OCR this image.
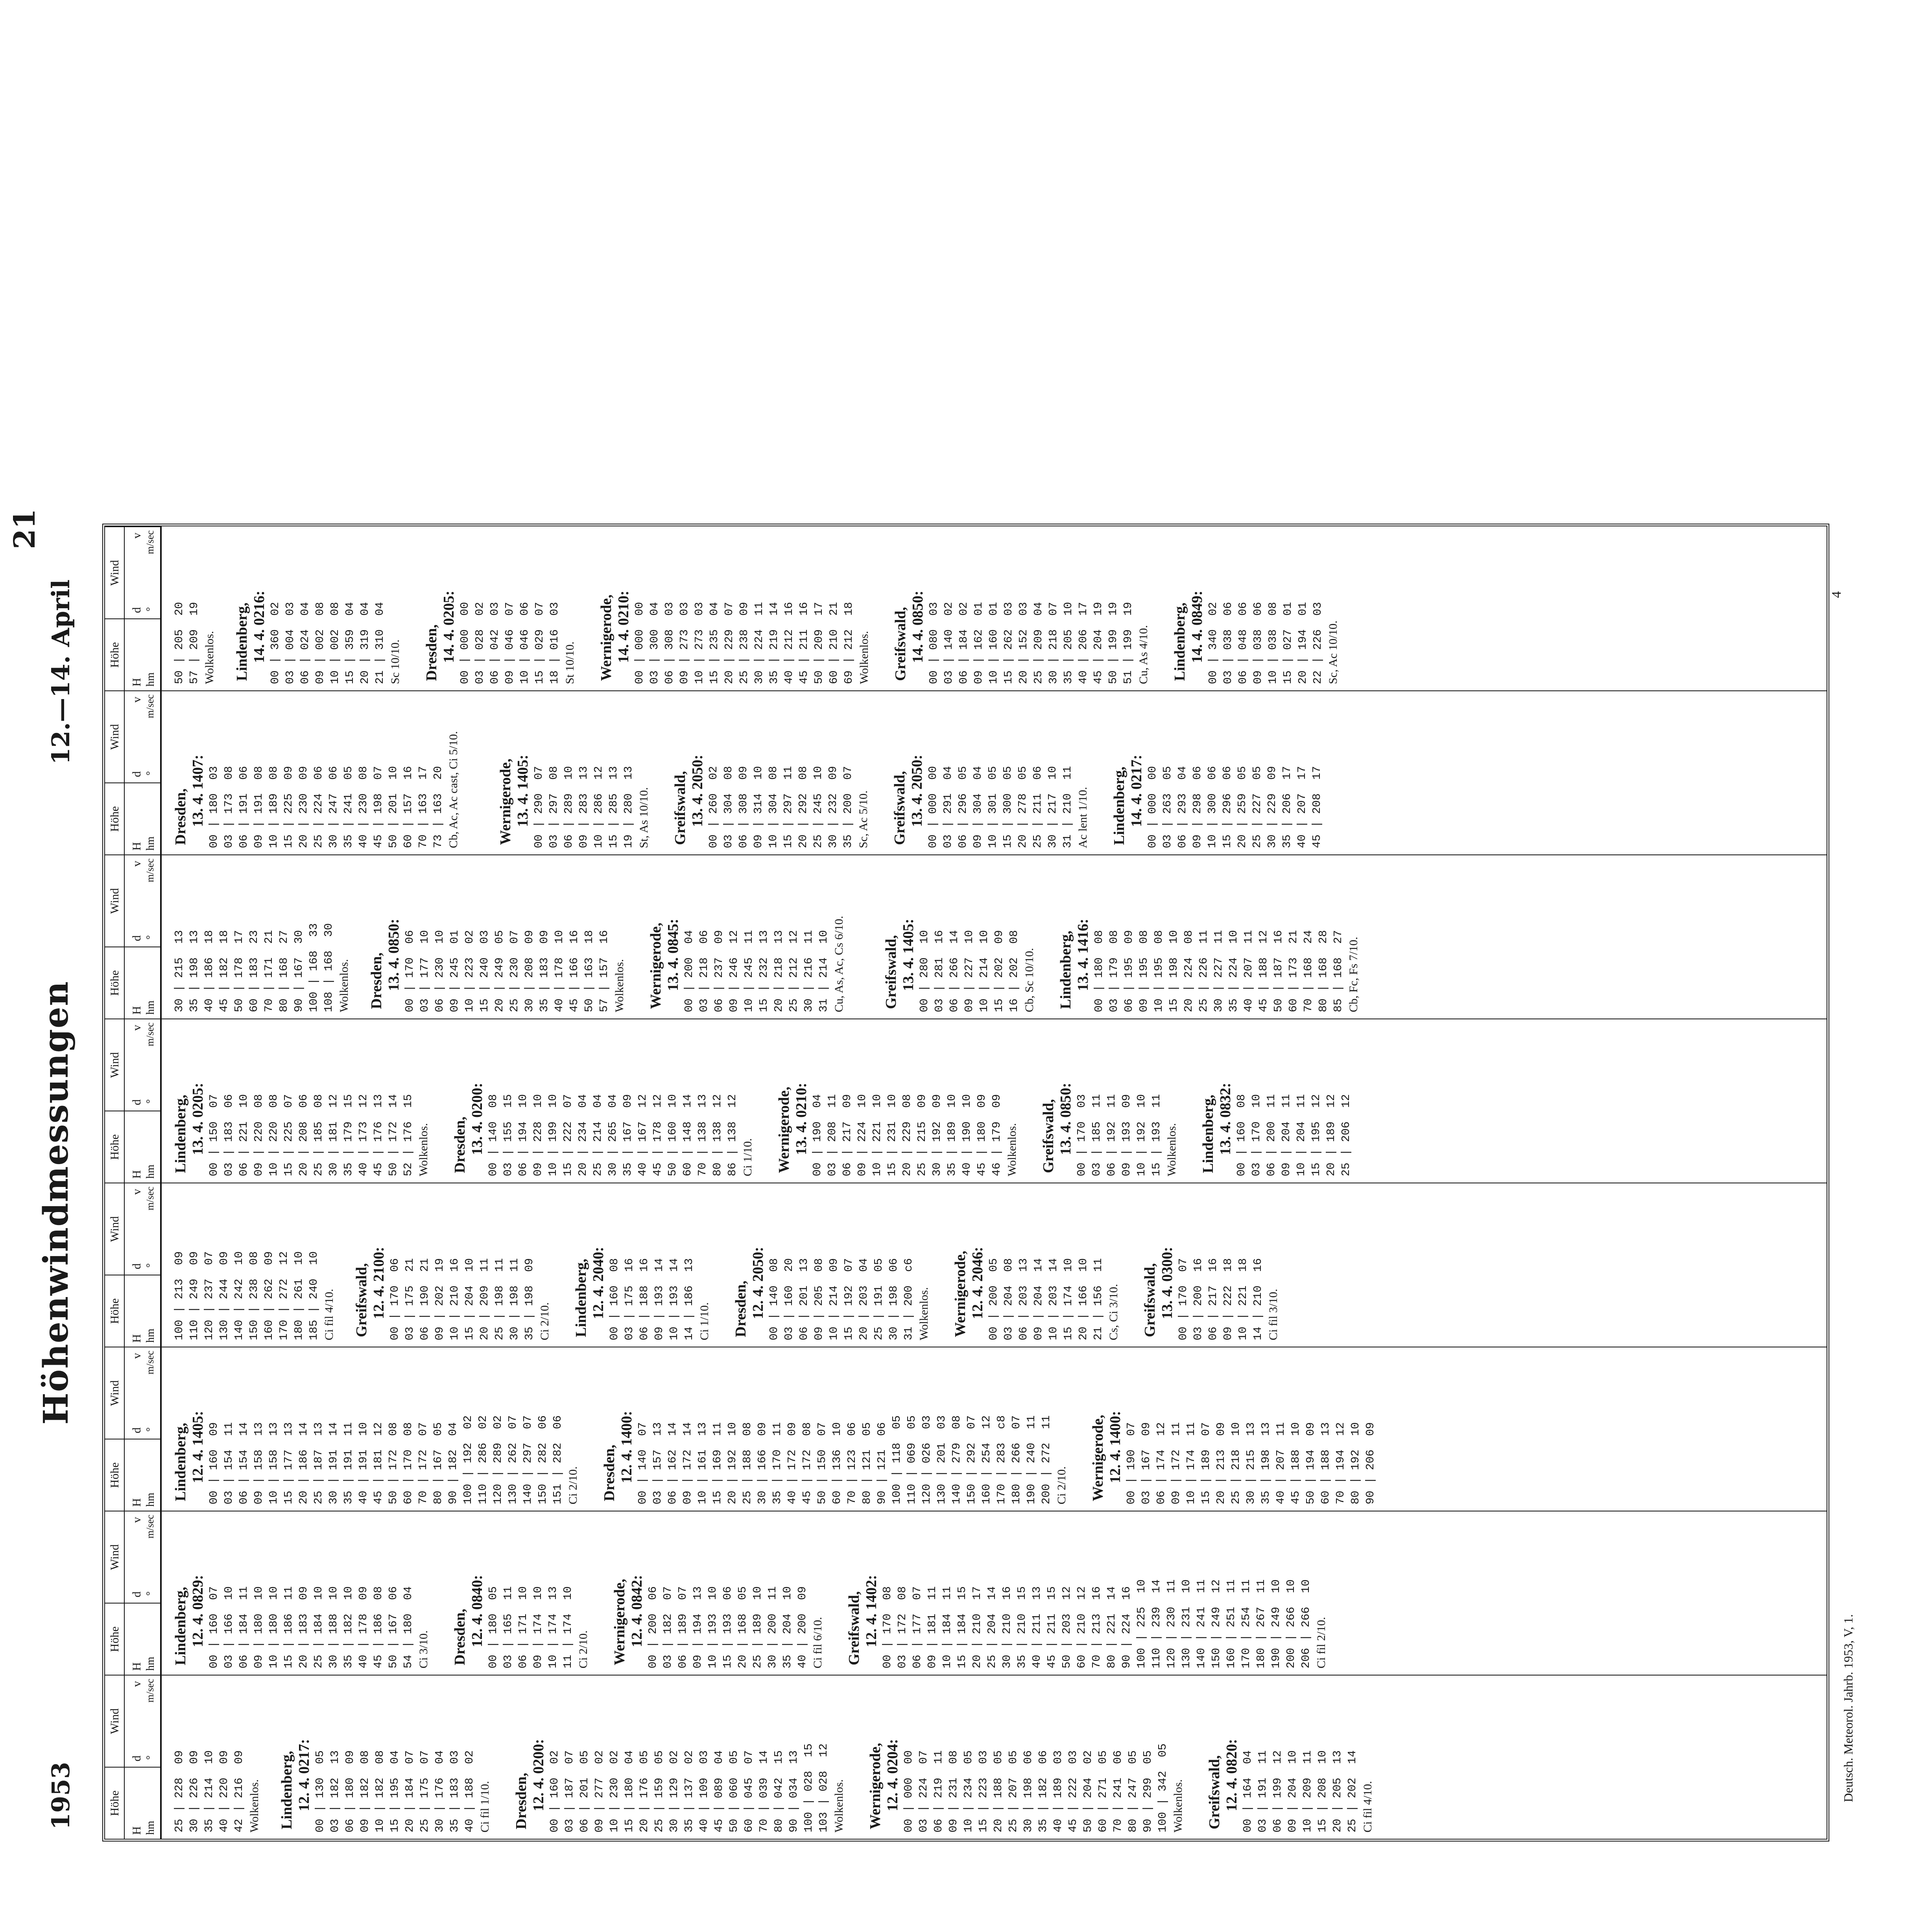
1953
Höhenwindmessungen
12.—14. April
21
Höhe
H hm
Wind
d
v
°
m/sec
Höhe
H hm
Wind
d
v
°
m/sec
Höhe
H hm
Wind
d
v
°
m/sec
Höhe
H hm
Wind
d
v
°
m/sec
Höhe
H hm
Wind
d
v
°
m/sec
Höhe
H hm
Wind
d
v
°
m/sec
Höhe
H hm
Wind
d
v
°
m/sec
Höhe
H hm
Wind
d
v
°
m/sec
25 | 228  09 30 | 226  09 35 | 214  10 40 | 220  09 42 | 216  09 Wolkenlos. Lindenberg, 12. 4. 0217: 00 | 130  05 03 | 182  13 06 | 180  09 09 | 182  08 10 | 182  08 15 | 195  04 20 | 184  07 25 | 175  07 30 | 176  04 35 | 183  03 40 | 188  02 Ci fil 1/10. Dresden, 12. 4. 0200: 00 | 160  02 03 | 187  07 06 | 201  05 09 | 277  02 10 | 230  02 15 | 180  04 20 | 176  05 25 | 159  05 30 | 129  02 35 | 137  02 40 | 109  03 45 | 089  04 50 | 060  05 60 | 045  07 70 | 039  14 80 | 042  15 90 | 034  13 100 | 028  15 103 | 028  12 Wolkenlos. Wernigerode, 12. 4. 0204: 00 | 000  00 03 | 224  07 06 | 219  11 09 | 231  08 10 | 234  05 15 | 223  03 20 | 188  05 25 | 207  05 30 | 198  06 35 | 182  06 40 | 189  03 45 | 222  03 50 | 204  02 60 | 271  05 70 | 241  06 80 | 247  05 90 | 299  05 100 | 342  05 Wolkenlos. Greifswald, 12. 4. 0820: 00 | 164  04 03 | 191  11 06 | 199  12 09 | 204  10 10 | 209  11 15 | 208  10 20 | 205  13 25 | 202  14 Ci fil 4/10.
Lindenberg, 12. 4. 0829: 00 | 160  07 03 | 166  10 06 | 184  11 09 | 180  10 10 | 180  10 15 | 186  11 20 | 183  09 25 | 184  10 30 | 188  10 35 | 182  10 40 | 178  09 45 | 186  08 50 | 167  06 54 | 180  04 Ci 3/10. Dresden, 12. 4. 0840: 00 | 180  05 03 | 165  11 06 | 171  10 09 | 174  10 10 | 174  13 11 | 174  10 Ci 2/10. Wernigerode, 12. 4. 0842: 00 | 200  06 03 | 182  07 06 | 189  07 09 | 194  13 10 | 193  10 15 | 193  06 20 | 168  05 25 | 189  10 30 | 200  11 35 | 204  10 40 | 200  09 Ci fil 6/10. Greifswald, 12. 4. 1402: 00 | 170  08 03 | 172  08 06 | 177  07 09 | 181  11 10 | 184  11 15 | 184  15 20 | 210  17 25 | 204  14 30 | 210  16 35 | 210  15 40 | 211  13 45 | 211  15 50 | 203  12 60 | 210  12 70 | 213  16 80 | 221  14 90 | 224  16 100 | 225  10 110 | 239  14 120 | 230  11 130 | 231  10 140 | 241  11 150 | 249  12 160 | 251  11 170 | 254  11 180 | 267  11 190 | 249  10 200 | 266  10 206 | 266  10 Ci fil 2/10.
Lindenberg, 12. 4. 1405: 00 | 160  09 03 | 154  11 06 | 154  14 09 | 158  13 10 | 158  13 15 | 177  13 20 | 186  14 25 | 187  13 30 | 191  14 35 | 191  11 40 | 191  10 45 | 181  12 50 | 172  08 60 | 170  08 70 | 172  07 80 | 167  05 90 | 182  04 100 | 192  02 110 | 286  02 120 | 289  02 130 | 262  07 140 | 297  07 150 | 282  06 151 | 282  06 Ci 2/10. Dresden, 12. 4. 1400: 00 | 140  07 03 | 157  13 06 | 162  14 09 | 172  14 10 | 161  13 15 | 169  11 20 | 192  10 25 | 188  08 30 | 166  09 35 | 170  11 40 | 172  09 45 | 172  08 50 | 150  07 60 | 136  10 70 | 123  06 80 | 121  05 90 | 121  06 100 | 118  05 110 | 069  05 120 | 026  03 130 | 201  03 140 | 279  08 150 | 292  07 160 | 254  12 170 | 283  c8 180 | 266  07 190 | 240  11 200 | 272  11 Ci 2/10. Wernigerode, 12. 4. 1400: 00 | 190  07 03 | 167  09 06 | 174  12 09 | 172  11 10 | 174  11 15 | 189  07 20 | 213  09 25 | 218  10 30 | 215  13 35 | 198  13 40 | 207  11 45 | 188  10 50 | 194  09 60 | 188  13 70 | 194  12 80 | 192  10 90 | 206  09
100 | 213  09 110 | 249  09 120 | 237  07 130 | 244  09 140 | 242  10 150 | 238  08 160 | 262  09 170 | 272  12 180 | 261  10 185 | 240  10 Ci fil 4/10. Greifswald, 12. 4. 2100: 00 | 170  06 03 | 175  21 06 | 190  21 09 | 202  19 10 | 210  16 15 | 204  10 20 | 209  11 25 | 198  11 30 | 198  11 35 | 198  09 Ci 2/10. Lindenberg, 12. 4. 2040: 00 | 160  08 03 | 175  16 06 | 188  16 09 | 193  14 10 | 193  14 14 | 186  13 Ci 1/10. Dresden, 12. 4. 2050: 00 | 140  08 03 | 160  20 06 | 201  13 09 | 205  08 10 | 214  09 15 | 192  07 20 | 203  04 25 | 191  05 30 | 198  06 31 | 200  c6 Wolkenlos. Wernigerode, 12. 4. 2046: 00 | 200  05 03 | 204  08 06 | 203  13 09 | 204  14 10 | 203  14 15 | 174  10 20 | 166  10 21 | 156  11 Cs, Ci 3/10. Greifswald, 13. 4. 0300: 00 | 170  07 03 | 200  16 06 | 217  16 09 | 222  18 10 | 221  18 14 | 210  16 Ci fil 3/10.
Lindenberg, 13. 4. 0205: 00 | 150  07 03 | 183  06 06 | 221  10 09 | 220  08 10 | 220  08 15 | 225  07 20 | 208  06 25 | 185  08 30 | 181  12 35 | 179  15 40 | 173  12 45 | 176  13 50 | 172  14 52 | 176  15 Wolkenlos. Dresden, 13. 4. 0200: 00 | 140  08 03 | 155  15 06 | 194  10 09 | 228  10 10 | 199  10 15 | 222  07 20 | 234  04 25 | 214  04 30 | 265  04 35 | 167  09 40 | 167  12 45 | 178  12 50 | 160  10 60 | 148  14 70 | 138  13 80 | 138  12 86 | 138  12 Ci 1/10. Wernigerode, 13. 4. 0210: 00 | 190  04 03 | 208  11 06 | 217  09 09 | 224  10 10 | 221  10 15 | 231  10 20 | 229  08 25 | 215  09 30 | 192  09 35 | 189  10 40 | 190  10 45 | 180  09 46 | 179  09 Wolkenlos. Greifswald, 13. 4. 0850: 00 | 170  03 03 | 185  11 06 | 192  11 09 | 193  09 10 | 192  10 15 | 193  11 Wolkenlos. Lindenberg, 13. 4. 0832: 00 | 160  08 03 | 170  10 06 | 200  11 09 | 204  11 10 | 204  11 15 | 195  12 20 | 189  12 25 | 206  12
30 | 215  13 35 | 198  13 40 | 186  18 45 | 182  18 50 | 178  17 60 | 183  23 70 | 171  21 80 | 168  27 90 | 167  30 100 | 168  33 108 | 168  30 Wolkenlos. Dresden, 13. 4. 0850: 00 | 170  06 03 | 177  10 06 | 230  10 09 | 245  01 10 | 223  02 15 | 240  03 20 | 249  05 25 | 230  07 30 | 208  09 35 | 183  09 40 | 178  10 45 | 166  16 50 | 163  18 57 | 157  16 Wolkenlos. Wernigerode, 13. 4. 0845: 00 | 200  04 03 | 218  06 06 | 237  09 09 | 246  12 10 | 245  11 15 | 232  13 20 | 218  13 25 | 212  12 30 | 216  11 31 | 214  10 Cu, As, Ac, Cs 6/10.	Greifswald, 13. 4. 1405: 00 | 280  10 03 | 281  16 06 | 266  14 09 | 227  10 10 | 214  10 15 | 202  09 16 | 202  08 Cb, Sc 10/10. Lindenberg, 13. 4. 1416: 00 | 180  08 03 | 179  08 06 | 195  09 09 | 195  08 10 | 195  08 15 | 198  10 20 | 224  08 25 | 226  11 30 | 227  11 35 | 224  10 40 | 207  11 45 | 188  12 50 | 187  16 60 | 173  21 70 | 168  24 80 | 168  28 85 | 168  27 Cb, Fc, Fs 7/10.
Dresden, 13. 4. 1407: 00 | 180  03 03 | 173  08 06 | 191  06 09 | 191  08 10 | 189  08 15 | 225  09 20 | 230  09 25 | 224  06 30 | 247  06 35 | 241  05 40 | 230  08 45 | 198  07 50 | 201  10 60 | 157  16 70 | 163  17 73 | 163  20 Cb, Ac, Ac cast, Ci 5/10.	Wernigerode, 13. 4. 1405: 00 | 290  07 03 | 297  08 06 | 289  10 09 | 283  13 10 | 286  12 15 | 285  13 19 | 280  13 St, As 10/10. Greifswald, 13. 4. 2050: 00 | 260  02 03 | 304  08 06 | 308  09 09 | 314  10 10 | 304  08 15 | 297  11 20 | 292  08 25 | 245  10 30 | 232  09 35 | 200  07 Sc, Ac 5/10. Greifswald, 13. 4. 2050: 00 | 000  00 03 | 291  04 06 | 296  05 09 | 304  04 10 | 301  05 15 | 300  05 20 | 278  05 25 | 211  06 30 | 217  10 31 | 210  11 Ac lent 1/10. Lindenberg, 14. 4. 0217: 00 | 000  00 03 | 263  05 06 | 293  04 09 | 298  06 10 | 300  06 15 | 296  06 20 | 259  05 25 | 227  05 30 | 229  09 35 | 206  17 40 | 207  17 45 | 208  17
50 | 205  20 57 | 209  19 Wolkenlos. Lindenberg, 14. 4. 0216: 00 | 360  02 03 | 004  03 06 | 024  04 09 | 002  08 10 | 002  08 15 | 359  04 20 | 319  04 21 | 310  04 Sc 10/10. Dresden, 14. 4. 0205: 00 | 000  00 03 | 028  02 06 | 042  03 09 | 046  07 10 | 046  06 15 | 029  07 18 | 016  03 St 10/10. Wernigerode, 14. 4. 0210: 00 | 000  00 03 | 300  04 06 | 308  03 09 | 273  03 10 | 273  03 15 | 235  04 20 | 229  07 25 | 238  09 30 | 224  11 35 | 219  14 40 | 212  16 45 | 211  16 50 | 209  17 60 | 210  21 69 | 212  18 Wolkenlos. Greifswald, 14. 4. 0850: 00 | 080  03 03 | 140  02 06 | 184  02 09 | 162  01 10 | 160  01 15 | 262  03 20 | 152  03 25 | 209  04 30 | 218  07 35 | 205  10 40 | 206  17 45 | 204  19 50 | 199  19 51 | 199  19 Cu, As 4/10. Lindenberg, 14. 4. 0849: 00 | 340  02 03 | 038  06 06 | 048  06 09 | 038  06 10 | 038  08 15 | 027  01 20 | 194  01 22 | 226  03 Sc, Ac 10/10.
Deutsch. Meteorol. Jahrb. 1953, V, 1.
4
